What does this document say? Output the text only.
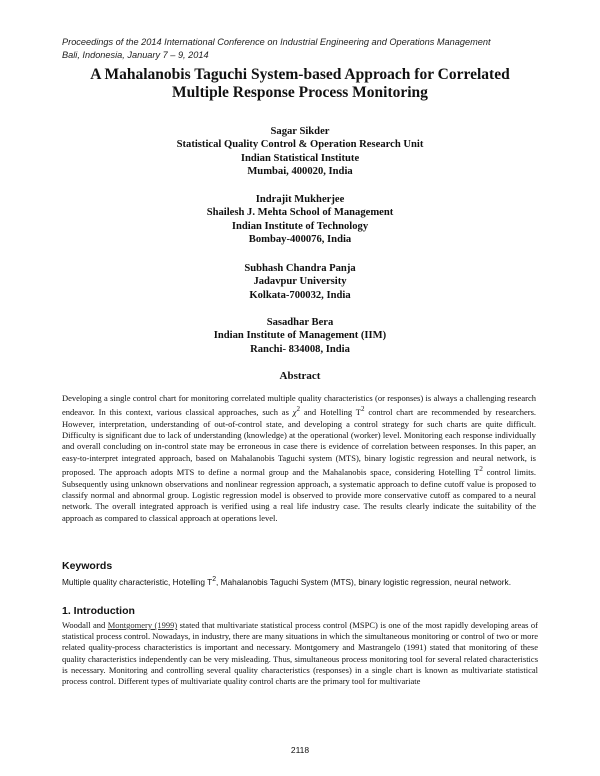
Proceedings of the 2014 International Conference on Industrial Engineering and Operations Management
Bali, Indonesia, January 7 – 9, 2014
A Mahalanobis Taguchi System-based Approach for Correlated
Multiple Response Process Monitoring
Sagar Sikder
Statistical Quality Control & Operation Research Unit
Indian Statistical Institute
Mumbai, 400020, India
Indrajit Mukherjee
Shailesh J. Mehta School of Management
Indian Institute of Technology
Bombay-400076, India
Subhash Chandra Panja
Jadavpur University
Kolkata-700032, India
Sasadhar Bera
Indian Institute of Management (IIM)
Ranchi- 834008, India
Abstract

Developing a single control chart for monitoring correlated multiple quality characteristics (or responses) is always a challenging research endeavor. In this context, various classical approaches, such as $\chi^2$ and Hotelling $T^2$ control chart are recommended by researchers. However, interpretation, understanding of out-of-control state, and developing a control strategy for such charts are quite difficult. Difficulty is significant due to lack of understanding (knowledge) at the operational (worker) level. Monitoring each response individually and overall concluding on in-control state may be erroneous in case there is evidence of correlation between responses. In this paper, an easy-to-interpret integrated approach, based on Mahalanobis Taguchi system (MTS), binary logistic regression and neural network, is proposed. The approach adopts MTS to define a normal group and the Mahalanobis space, considering Hotelling $T^2$ control limits. Subsequently using unknown observations and nonlinear regression approach, a systematic approach to define cutoff value is proposed to classify normal and abnormal group. Logistic regression model is observed to provide more conservative cutoff as compared to a neural network. The overall integrated approach is verified using a real life industry case. The results clearly indicate the suitability of the approach as compared to classical approach at operations level.

Keywords

Multiple quality characteristic, Hotelling $T^2$, Mahalanobis Taguchi System (MTS), binary logistic regression, neural network.

1. Introduction

Woodall and Montgomery (1999) stated that multivariate statistical process control (MSPC) is one of the most rapidly developing areas of statistical process control. Nowadays, in industry, there are many situations in which the simultaneous monitoring or control of two or more related quality-process characteristics is important and necessary. Montgomery and Mastrangelo (1991) stated that monitoring of these quality characteristics independently can be very misleading. Thus, simultaneous process monitoring tool for several related characteristics is necessary. Monitoring and controlling several quality characteristics (responses) in a single chart is known as multivariate statistical process control. Different types of multivariate quality control charts are the primary tool for multivariate

2118
